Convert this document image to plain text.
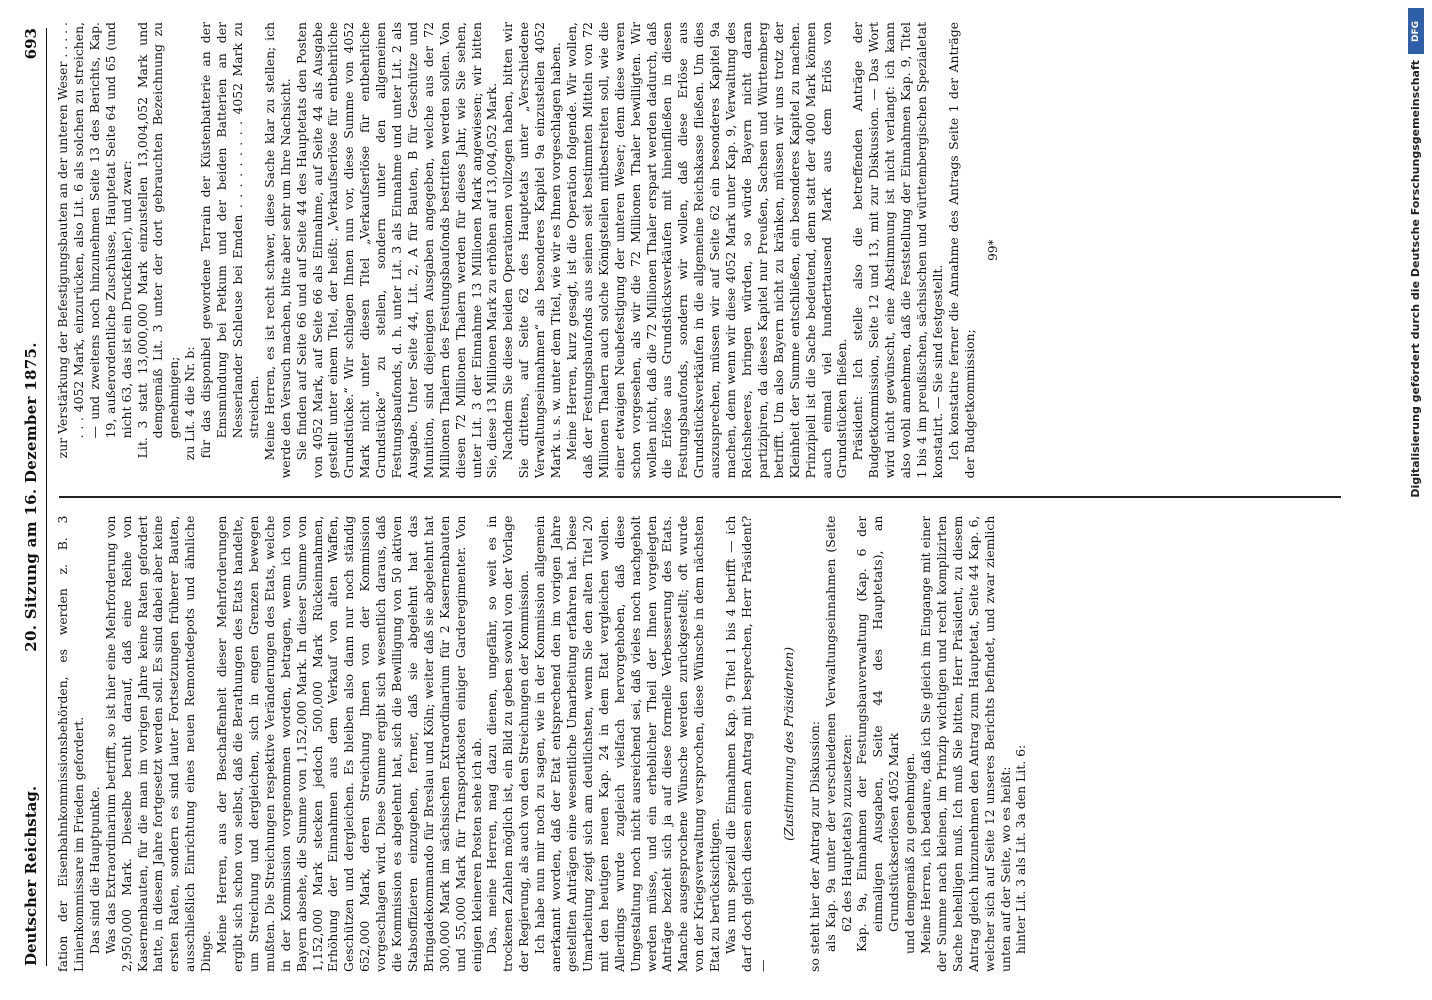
Deutscher Reichstag.
20. Sitzung am 16. Dezember 1875.
693

fation der Eisenbahnkommissionsbehörden, es werden z. B. 3 Linienkommissare im Frieden gefordert. Das sind die Hauptpunkte. Was das Extraordinarium betrifft, so ist hier eine Mehrforderung von 2,950,000 Mark. Dieselbe beruht darauf, daß eine Reihe von Kasernenbauten, für die man im vorigen Jahre keine Raten gefordert hatte, in diesem Jahre fortgesetzt werden soll. Es sind dabei aber keine ersten Raten, sondern es sind lauter Fortsetzungen früherer Bauten, ausschließlich Einrichtung eines neuen Remontedepots und ähnliche Dinge. Meine Herren, aus der Beschaffenheit dieser Mehrforderungen ergibt sich schon von selbst, daß die Berathungen des Etats handelte, um Streichung und dergleichen, sich in engen Grenzen bewegen mußten. Die Streichungen respektive Veränderungen des Etats, welche in der Kommission vorgenommen worden, betragen, wenn ich von Bayern absehe, die Summe von 1,152,000 Mark. In dieser Summe von 1,152,000 Mark stecken jedoch 500,000 Mark Rückeinnahmen, Erhöhung der Einnahmen aus dem Verkauf von alten Waffen, Geschützen und dergleichen. Es bleiben also dann nur noch ständig 652,000 Mark, deren Streichung Ihnen von der Kommission vorgeschlagen wird. Diese Summe ergibt sich wesentlich daraus, daß die Kommission es abgelehnt hat, sich die Bewilligung von 50 aktiven Stabsoffizieren einzugehen, ferner, daß sie abgelehnt hat das Bringadekommando für Breslau und Köln; weiter daß sie abgelehnt hat 300,000 Mark im sächsischen Extraordinarium für 2 Kasernenbauten und 55,000 Mark für Transportkosten einiger Garderegimenter. Von einigen kleineren Posten sehe ich ab. Das, meine Herren, mag dazu dienen, ungefähr, so weit es in trockenen Zahlen möglich ist, ein Bild zu geben sowohl von der Vorlage der Regierung, als auch von den Streichungen der Kommission. Ich habe nun mir noch zu sagen, wie in der Kommission allgemein anerkannt worden, daß der Etat entsprechend den im vorigen Jahre gestellten Anträgen eine wesentliche Umarbeitung erfahren hat. Diese Umarbeitung zeigt sich am deutlichsten, wenn Sie den alten Titel 20 mit den heutigen neuen Kap. 24 in dem Etat vergleichen wollen. Allerdings wurde zugleich vielfach hervorgehoben, daß diese Umgestaltung noch nicht ausreichend sei, daß vieles noch nachgeholt werden müsse, und ein erheblicher Theil der Ihnen vorgelegten Anträge bezieht sich ja auf diese formelle Verbesserung des Etats. Manche ausgesprochene Wünsche werden zurückgestellt; oft wurde von der Kriegsverwaltung versprochen, diese Wünsche in dem nächsten Etat zu berücksichtigen. Was nun speziell die Einnahmen Kap. 9 Titel 1 bis 4 betrifft — ich darf doch gleich diesen einen Antrag mit besprechen, Herr Präsident? —

(Zustimmung des Präsidenten) so steht hier der Antrag zur Diskussion: als Kap. 9a unter der verschiedenen Verwaltungseinnahmen (Seite 62 des Hauptetats) zuzusetzen: Kap. 9a, Einnahmen der Festungsbauverwaltung (Kap. 6 der einmaligen Ausgaben, Seite 44 des Hauptetats), an Grundstückserlösen 4052 Mark und demgemäß zu genehmigen. Meine Herren, ich bedaure, daß ich Sie gleich im Eingange mit einer der Summe nach kleinen, im Prinzip wichtigen und recht komplizirten Sache behelligen muß. Ich muß Sie bitten, Herr Präsident, zu diesem Antrag gleich hinzunehmen den Antrag zum Hauptetat, Seite 44 Kap. 6, welcher sich auf Seite 12 unseres Berichts befindet, und zwar ziemlich unten auf der Seite, wo es heißt: hinter Lit. 3 als Lit. 3a den Lit. 6:

zur Verstärkung der Befestigungsbauten an der unteren Weser . . . . . . . . 4052 Mark, einzurücken, also Lit. 6 als solchen zu streichen, — und zweitens noch hinzunehmen Seite 13 des Berichts, Kap. 19, außerordentliche Zuschüsse, Hauptetat Seite 64 und 65 (und nicht 63, das ist ein Druckfehler), und zwar: Lit. 3 statt 13,000,000 Mark einzustellen 13,004,052 Mark und demgemäß Lit. 3 unter der dort gebrauchten Bezeichnung zu genehmigen; zu Lit. 4 die Nr. b: für das disponibel gewordene Terrain der Küstenbatterie an der Emsmündung bei Petkum und der beiden Batterien an der Nesserlander Schleuse bei Emden . . . . . . . . . 4052 Mark zu streichen. Meine Herren, es ist recht schwer, diese Sache klar zu stellen; ich werde den Versuch machen, bitte aber sehr um Ihre Nachsicht. Sie finden auf Seite 66 und auf Seite 44 des Hauptetats den Posten von 4052 Mark, auf Seite 66 als Einnahme, auf Seite 44 als Ausgabe gestellt unter einem Titel, der heißt: „Verkaufserlöse für entbehrliche Grundstücke.“ Wir schlagen Ihnen nun vor, diese Summe von 4052 Mark nicht unter diesen Titel „Verkaufserlöse für entbehrliche Grundstücke“ zu stellen, sondern unter den allgemeinen Festungsbaufonds, d. h. unter Lit. 3 als Einnahme und unter Lit. 2 als Ausgabe. Unter Seite 44, Lit. 2, A für Bauten, B für Geschütze und Munition, sind diejenigen Ausgaben angegeben, welche aus der 72 Millionen Thalern des Festungsbaufonds bestritten werden sollen. Von diesen 72 Millionen Thalern werden für dieses Jahr, wie Sie sehen, unter Lit. 3 der Einnahme 13 Millionen Mark angewiesen; wir bitten Sie, diese 13 Millionen Mark zu erhöhen auf 13,004,052 Mark. Nachdem Sie diese beiden Operationen vollzogen haben, bitten wir Sie drittens, auf Seite 62 des Hauptetats unter „Verschiedene Verwaltungseinnahmen“ als besonderes Kapitel 9a einzustellen 4052 Mark u. s. w. unter dem Titel, wie wir es Ihnen vorgeschlagen haben. Meine Herren, kurz gesagt, ist die Operation folgende. Wir wollen, daß der Festungsbaufonds aus seinen seit bestimmten Mitteln von 72 Millionen Thalern auch solche Königsteilen mitbestreiten soll, wie die einer etwaigen Neubefestigung der unteren Weser; denn diese waren schon vorgesehen, als wir die 72 Millionen Thaler bewilligten. Wir wollen nicht, daß die 72 Millionen Thaler erspart werden dadurch, daß die Erlöse aus Grundstücksverkäufen mit hineinfließen in diesen Festungsbaufonds, sondern wir wollen, daß diese Erlöse aus Grundstücksverkäufen in die allgemeine Reichskasse fließen. Um dies auszusprechen, müssen wir auf Seite 62 ein besonderes Kapitel 9a machen, denn wenn wir diese 4052 Mark unter Kap. 9, Verwaltung des Reichsheeres, bringen würden, so würde Bayern nicht daran partizipiren, da dieses Kapitel nur Preußen, Sachsen und Württemberg betrifft. Um also Bayern nicht zu kränken, müssen wir uns trotz der Kleinheit der Summe entschließen, ein besonderes Kapitel zu machen. Prinzipiell ist die Sache bedeutend, denn statt der 4000 Mark können auch einmal viel hunderttausend Mark aus dem Erlös von Grundstücken fließen. Präsident: Ich stelle also die betreffenden Anträge der Budgetkommission, Seite 12 und 13, mit zur Diskussion. — Das Wort wird nicht gewünscht, eine Abstimmung ist nicht verlangt: ich kann also wohl annehmen, daß die Feststellung der Einnahmen Kap. 9, Titel 1 bis 4 im preußischen, sächsischen und württembergischen Spezialetat konstatirt. — Sie sind festgestellt. Ich konstatire ferner die Annahme des Antrags Seite 1 der Anträge der Budgetkommission;

99*	Digitalisierung gefördert durch die Deutsche Forschungsgemeinschaft
DFG
